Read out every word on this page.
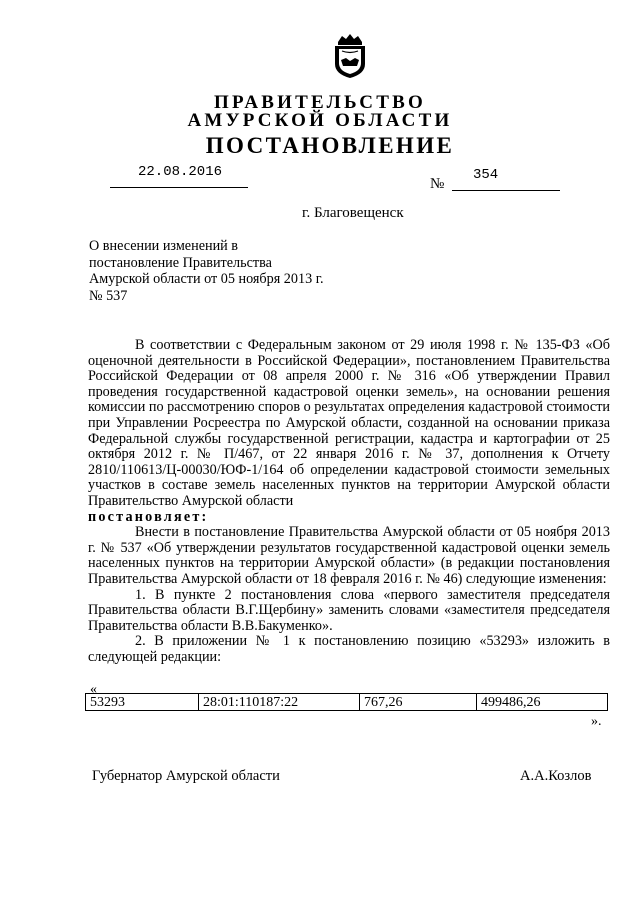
ПРАВИТЕЛЬСТВО
АМУРСКОЙ ОБЛАСТИ
ПОСТАНОВЛЕНИЕ
22.08.2016
№
354
г. Благовещенск
О внесении изменений в постановление Правительства Амурской области от 05 ноября 2013 г. № 537

В соответствии с Федеральным законом от 29 июля 1998 г. № 135-ФЗ «Об оценочной деятельности в Российской Федерации», постановлением Правительства Российской Федерации от 08 апреля 2000 г. № 316 «Об утверждении Правил проведения государственной кадастровой оценки земель», на основании решения комиссии по рассмотрению споров о результатах определения кадастровой стоимости при Управлении Росреестра по Амурской области, созданной на основании приказа Федеральной службы государственной регистрации, кадастра и картографии от 25 октября 2012 г. № П/467, от 22 января 2016 г. № 37, дополнения к Отчету 2810/110613/Ц-00030/ЮФ-1/164 об определении кадастровой стоимости земельных участков в составе земель населенных пунктов на территории Амурской области Правительство Амурской области

постановляет:

Внести в постановление Правительства Амурской области от 05 ноября 2013 г. № 537 «Об утверждении результатов государственной кадастровой оценки земель населенных пунктов на территории Амурской области» (в редакции постановления Правительства Амурской области от 18 февраля 2016 г. № 46) следующие изменения:

1. В пункте 2 постановления слова «первого заместителя председателя Правительства области В.Г.Щербину» заменить словами «заместителя председателя Правительства области В.В.Бакуменко».

2. В приложении № 1 к постановлению позицию «53293» изложить в следующей редакции:

«
53293	28:01:110187:22	767,26	499486,26
».
Губернатор Амурской области	А.А.Козлов
